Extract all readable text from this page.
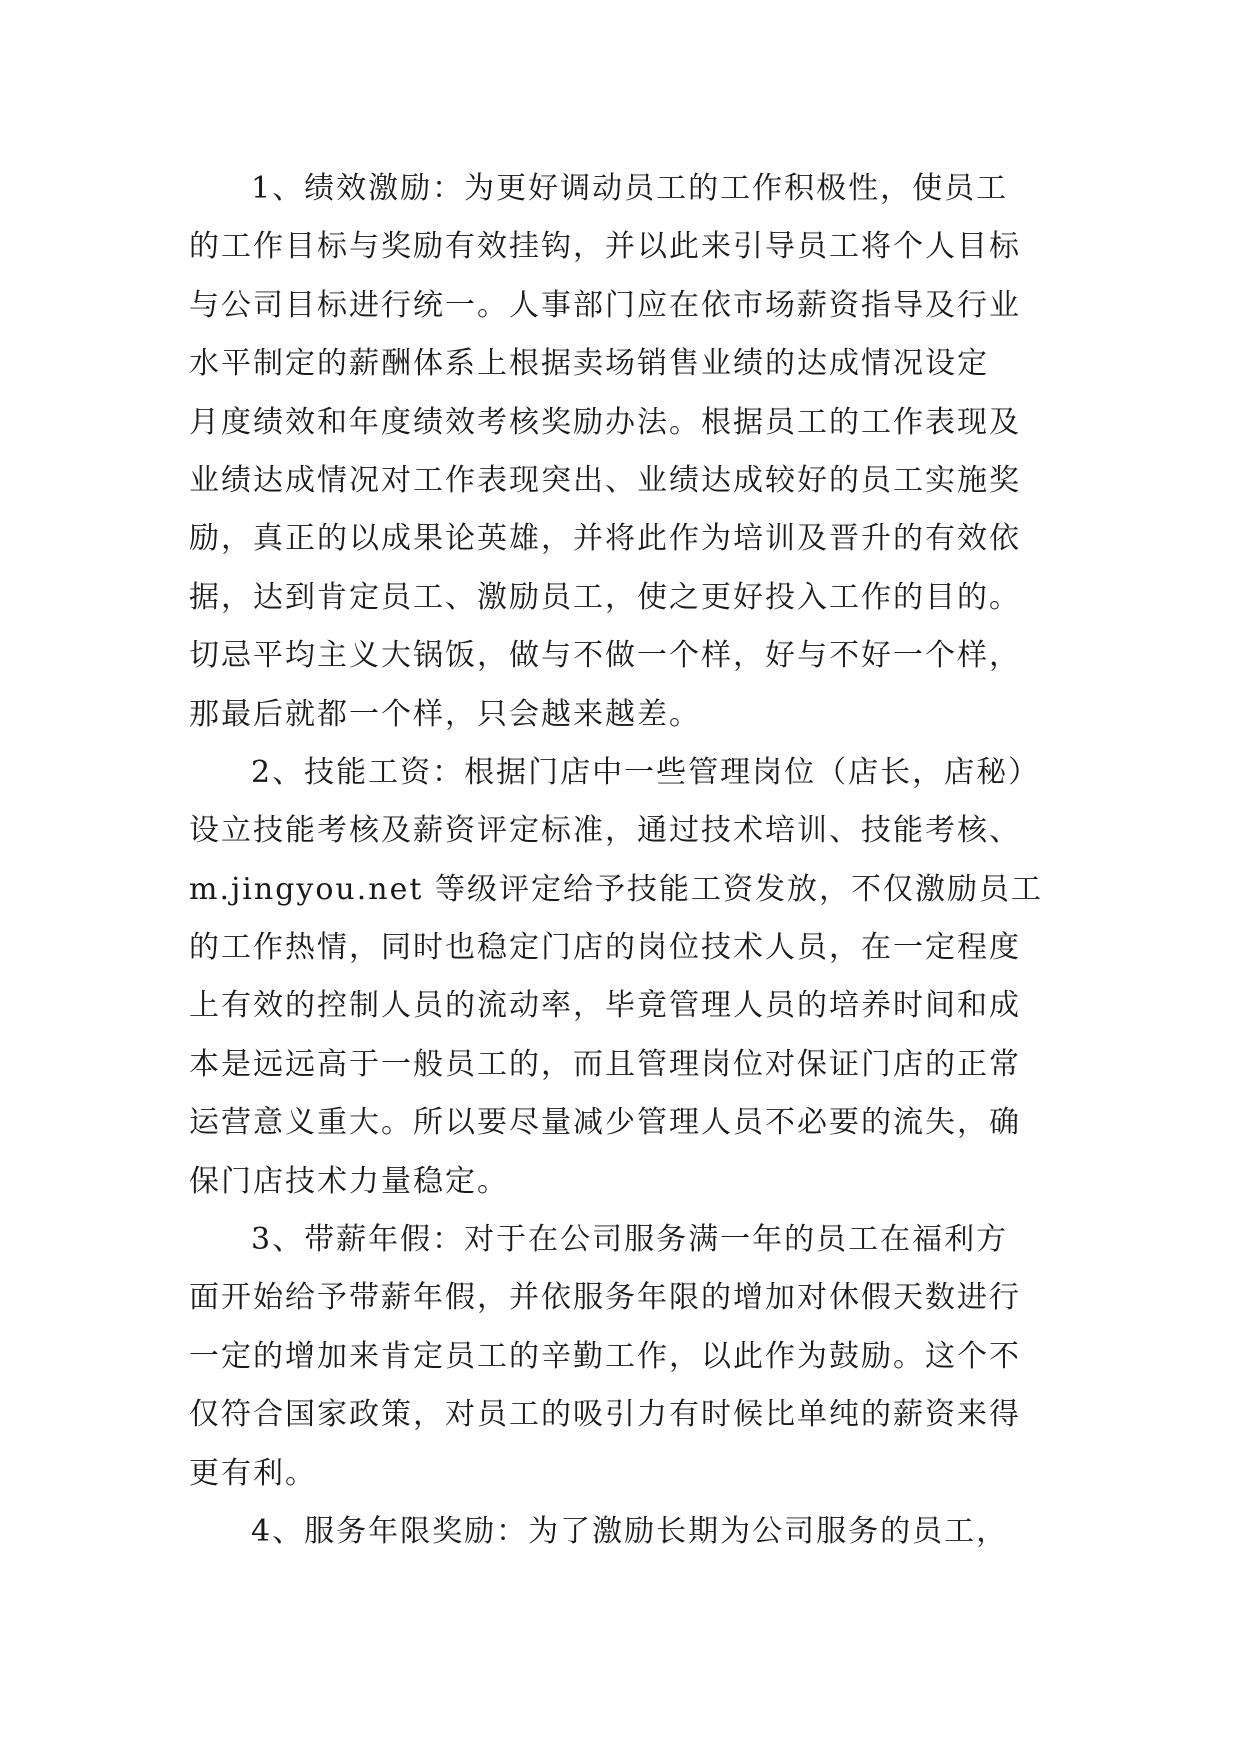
1、绩效激励：为更好调动员工的工作积极性，使员工
的工作目标与奖励有效挂钩，并以此来引导员工将个人目标
与公司目标进行统一。人事部门应在依市场薪资指导及行业
水平制定的薪酬体系上根据卖场销售业绩的达成情况设定
月度绩效和年度绩效考核奖励办法。根据员工的工作表现及
业绩达成情况对工作表现突出、业绩达成较好的员工实施奖
励，真正的以成果论英雄，并将此作为培训及晋升的有效依
据，达到肯定员工、激励员工，使之更好投入工作的目的。
切忌平均主义大锅饭，做与不做一个样，好与不好一个样，
那最后就都一个样，只会越来越差。
2、技能工资：根据门店中一些管理岗位（店长，店秘）
设立技能考核及薪资评定标准，通过技术培训、技能考核、
m.jingyou.net 等级评定给予技能工资发放，不仅激励员工
的工作热情，同时也稳定门店的岗位技术人员，在一定程度
上有效的控制人员的流动率，毕竟管理人员的培养时间和成
本是远远高于一般员工的，而且管理岗位对保证门店的正常
运营意义重大。所以要尽量减少管理人员不必要的流失，确
保门店技术力量稳定。
3、带薪年假：对于在公司服务满一年的员工在福利方
面开始给予带薪年假，并依服务年限的增加对休假天数进行
一定的增加来肯定员工的辛勤工作，以此作为鼓励。这个不
仅符合国家政策，对员工的吸引力有时候比单纯的薪资来得
更有利。
4、服务年限奖励：为了激励长期为公司服务的员工，
